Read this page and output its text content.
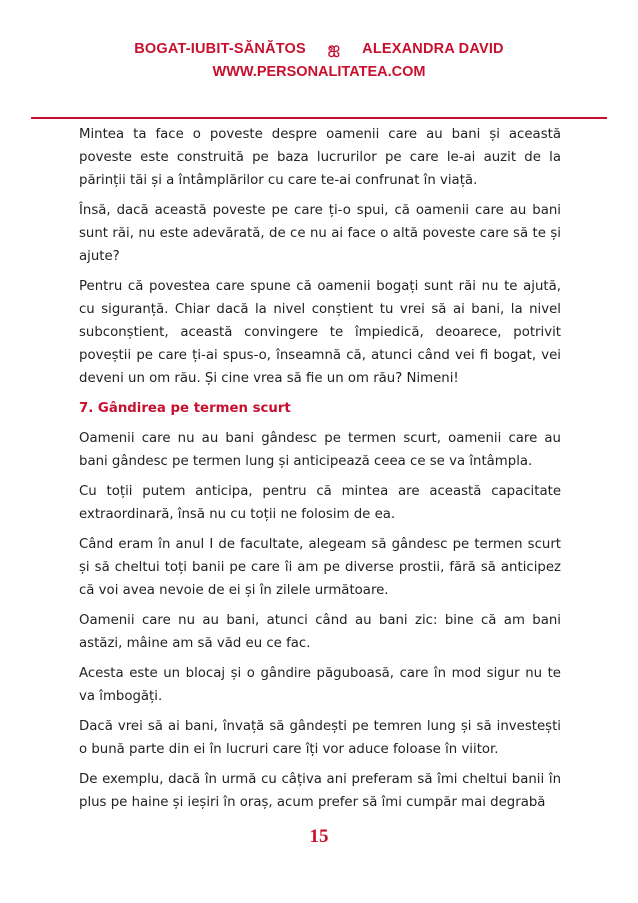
BOGAT-IUBIT-SĂNĂTOS ஐ ALEXANDRA DAVID
WWW.PERSONALITATEA.COM

Mintea ta face o poveste despre oamenii care au bani și această poveste este construită pe baza lucrurilor pe care le-ai auzit de la părinții tăi și a întâmplărilor cu care te-ai confrunat în viață.

Însă, dacă această poveste pe care ți-o spui, că oamenii care au bani sunt răi, nu este adevărată, de ce nu ai face o altă poveste care să te și ajute?

Pentru că povestea care spune că oamenii bogați sunt răi nu te ajută, cu siguranță. Chiar dacă la nivel conștient tu vrei să ai bani, la nivel subconștient, această convingere te împiedică, deoarece, potrivit poveștii pe care ți-ai spus-o, înseamnă că, atunci când vei fi bogat, vei deveni un om rău. Și cine vrea să fie un om rău? Nimeni!

7. Gândirea pe termen scurt

Oamenii care nu au bani gândesc pe termen scurt, oamenii care au bani gândesc pe termen lung și anticipează ceea ce se va întâmpla.

Cu toții putem anticipa, pentru că mintea are această capacitate extraordinară, însă nu cu toții ne folosim de ea.

Când eram în anul I de facultate, alegeam să gândesc pe termen scurt și să cheltui toți banii pe care îi am pe diverse prostii, fără să anticipez că voi avea nevoie de ei și în zilele următoare.

Oamenii care nu au bani, atunci când au bani zic: bine că am bani astăzi, mâine am să văd eu ce fac.

Acesta este un blocaj și o gândire păguboasă, care în mod sigur nu te va îmbogăți.

Dacă vrei să ai bani, învață să gândești pe temren lung și să investești o bună parte din ei în lucruri care îți vor aduce foloase în viitor.

De exemplu, dacă în urmă cu câțiva ani preferam să îmi cheltui banii în plus pe haine și ieșiri în oraș, acum prefer să îmi cumpăr mai degrabă

15
